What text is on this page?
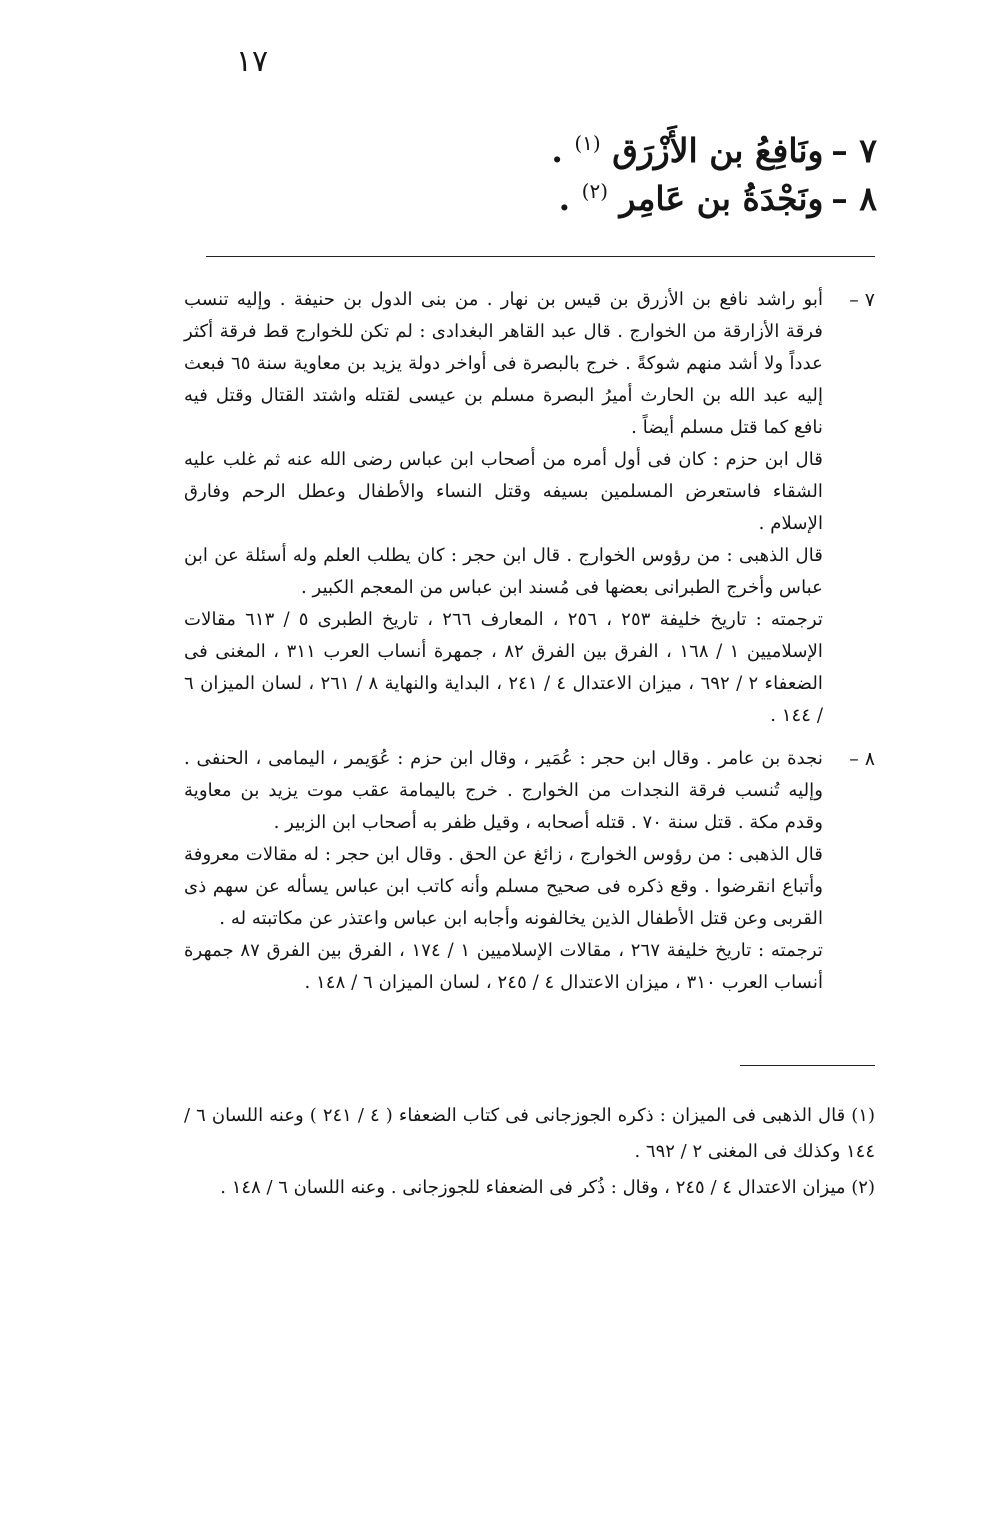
١٧
٧ – ونَافِعُ بن الأَزْرَق $^{(١)}$ .
٨ – ونَجْدَةُ بن عَامِر $^{(٢)}$ .
٧ –

أبو راشد نافع بن الأزرق بن قيس بن نهار . من بنى الدول بن حنيفة . وإليه تنسب فرقة الأزارقة من الخوارج . قال عبد القاهر البغدادى : لم تكن للخوارج قط فرقة أكثر عدداً ولا أشد منهم شوكةً . خرج بالبصرة فى أواخر دولة يزيد بن معاوية سنة ٦٥ فبعث إليه عبد الله بن الحارث أميرُ البصرة مسلم بن عيسى لقتله واشتد القتال وقتل فيه نافع كما قتل مسلم أيضاً .

قال ابن حزم : كان فى أول أمره من أصحاب ابن عباس رضى الله عنه ثم غلب عليه الشقاء فاستعرض المسلمين بسيفه وقتل النساء والأطفال وعطل الرحم وفارق الإسلام .

قال الذهبى : من رؤوس الخوارج . قال ابن حجر : كان يطلب العلم وله أسئلة عن ابن عباس وأخرج الطبرانى بعضها فى مُسند ابن عباس من المعجم الكبير .

ترجمته : تاريخ خليفة ٢٥٣ ، ٢٥٦ ، المعارف ٢٦٦ ، تاريخ الطبرى ٥ / ٦١٣ مقالات الإسلاميين ١ / ١٦٨ ، الفرق بين الفرق ٨٢ ، جمهرة أنساب العرب ٣١١ ، المغنى فى الضعفاء ٢ / ٦٩٢ ، ميزان الاعتدال ٤ / ٢٤١ ، البداية والنهاية ٨ / ٢٦١ ، لسان الميزان ٦ / ١٤٤ .

٨ –

نجدة بن عامر . وقال ابن حجر : عُمَير ، وقال ابن حزم : عُوَيمر ، اليمامى ، الحنفى . وإليه تُنسب فرقة النجدات من الخوارج . خرج باليمامة عقب موت يزيد بن معاوية وقدم مكة . قتل سنة ٧٠ . قتله أصحابه ، وقيل ظفر به أصحاب ابن الزبير .

قال الذهبى : من رؤوس الخوارج ، زائغ عن الحق . وقال ابن حجر : له مقالات معروفة وأتباع انقرضوا . وقع ذكره فى صحيح مسلم وأنه كاتب ابن عباس يسأله عن سهم ذى القربى وعن قتل الأطفال الذين يخالفونه وأجابه ابن عباس واعتذر عن مكاتبته له .

ترجمته : تاريخ خليفة ٢٦٧ ، مقالات الإسلاميين ١ / ١٧٤ ، الفرق بين الفرق ٨٧ جمهرة أنساب العرب ٣١٠ ، ميزان الاعتدال ٤ / ٢٤٥ ، لسان الميزان ٦ / ١٤٨ .

(١) قال الذهبى فى الميزان : ذكره الجوزجانى فى كتاب الضعفاء ( ٤ / ٢٤١ ) وعنه اللسان ٦ / ١٤٤ وكذلك فى المغنى ٢ / ٦٩٢ .

(٢) ميزان الاعتدال ٤ / ٢٤٥ ، وقال : ذُكر فى الضعفاء للجوزجانى . وعنه اللسان ٦ / ١٤٨ .
